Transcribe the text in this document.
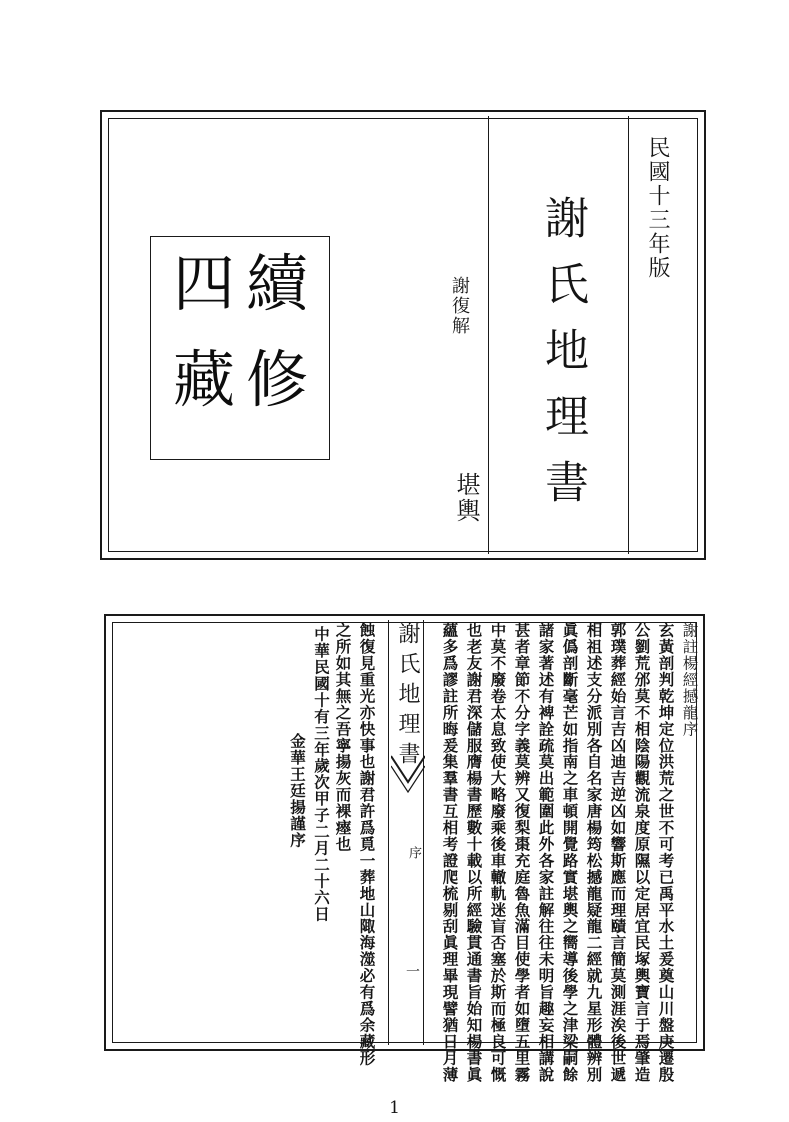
續
修
四
藏
民國十三年版
謝氏地理書
謝復解
堪輿
謝氏地理書
序
一
謝註楊經撼龍序
玄黃剖判乾坤定位洪荒之世不可考已禹平水土爰奠山川盤庚遷殷
公劉荒邠莫不相陰陽觀流泉度原隰以定居宜民塚輿寶言于焉肇造
郭璞葬經始言吉凶迪吉逆凶如響斯應而理賾言簡莫測涯涘後世遞
相祖述支分派別各自名家唐楊筠松撼龍疑龍二經就九星形體辨別
眞僞剖斷毫芒如指南之車頓開覺路實堪輿之嚮導後學之津梁嗣餘
諸家著述有裨詮疏莫出範圍此外各家註解往往未明旨趣妄相講說
甚者章節不分字義莫辨又復梨棗充庭魯魚滿目使學者如墮五里霧
中莫不廢卷太息致使大略廢乘後車轍軌迷盲否塞於斯而極良可慨
也老友謝君深儲服膺楊書歷數十載以所經驗貫通書旨始知楊書眞
蘊多爲謬註所晦爰集羣書互相考證爬梳剔刮眞理畢現譬猶日月薄
蝕復見重光亦快事也謝君許爲覓一葬地山陬海澨必有爲余藏形
之所如其無之吾寧揚灰而裸瘞也
中華民國十有三年歲次甲子二月二十六日
金華王廷揚謹序
1
